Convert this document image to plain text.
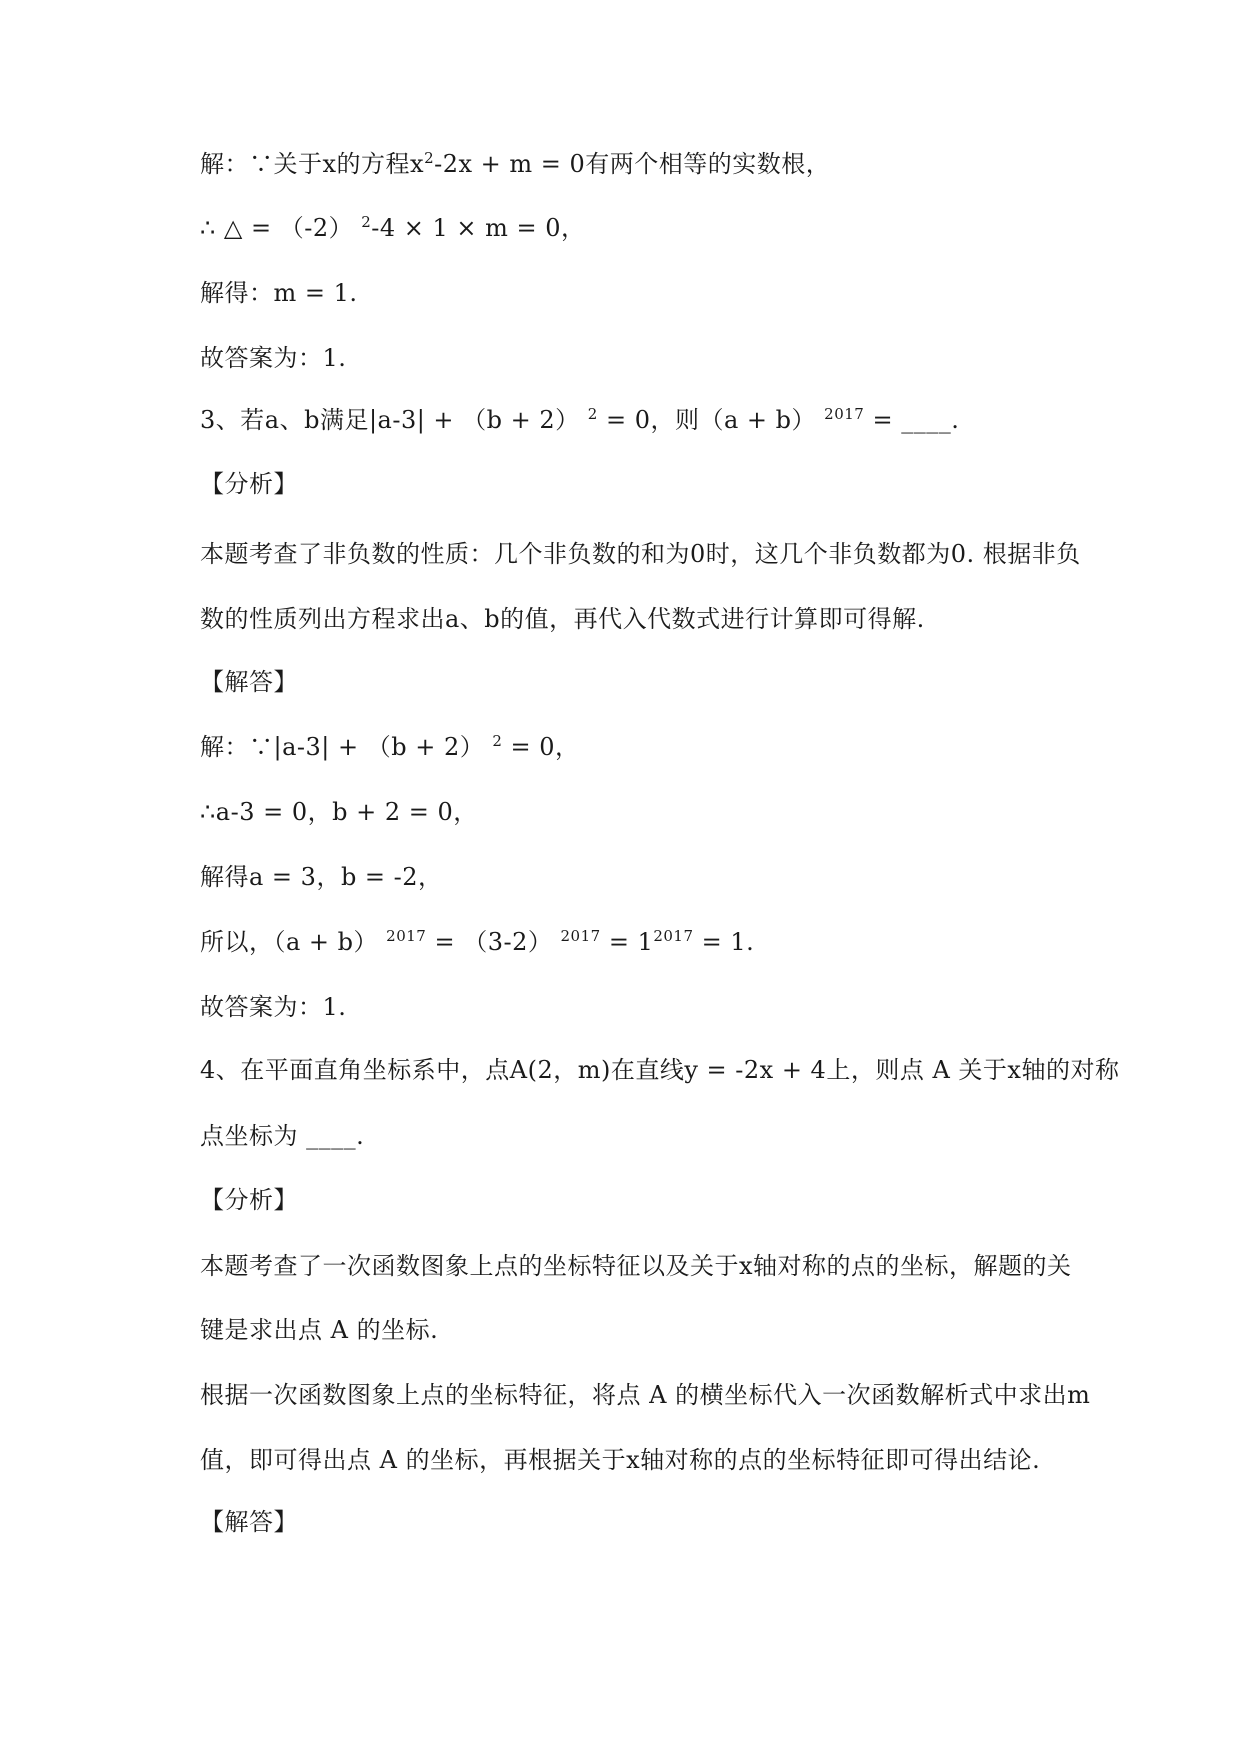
解：∵关于x的方程$x^2-2x + m = 0$有两个相等的实数根，
∴ △ = （-2） $^2$-4 × 1 × m = 0，
解得：m = 1.
故答案为：1.
3、若a、b满足|a-3| + （b + 2） $^2$ = 0，则（a + b） $^{2017}$ = ____.
【分析】
本题考查了非负数的性质：几个非负数的和为0时，这几个非负数都为0. 根据非负
数的性质列出方程求出a、b的值，再代入代数式进行计算即可得解.
【解答】
解：∵|a-3| + （b + 2） $^2$ = 0，
∴a-3 = 0，b + 2 = 0，
解得a = 3，b = -2，
所以，（a + b） $^{2017}$ = （3-2） $^{2017} = 1^{2017} = 1$.
故答案为：1.
4、在平面直角坐标系中，点A(2，m)在直线y = -2x + 4上，则点 A 关于x轴的对称
点坐标为 ____.
【分析】
本题考查了一次函数图象上点的坐标特征以及关于x轴对称的点的坐标，解题的关
键是求出点 A 的坐标.
根据一次函数图象上点的坐标特征，将点 A 的横坐标代入一次函数解析式中求出m
值，即可得出点 A 的坐标，再根据关于x轴对称的点的坐标特征即可得出结论.
【解答】
